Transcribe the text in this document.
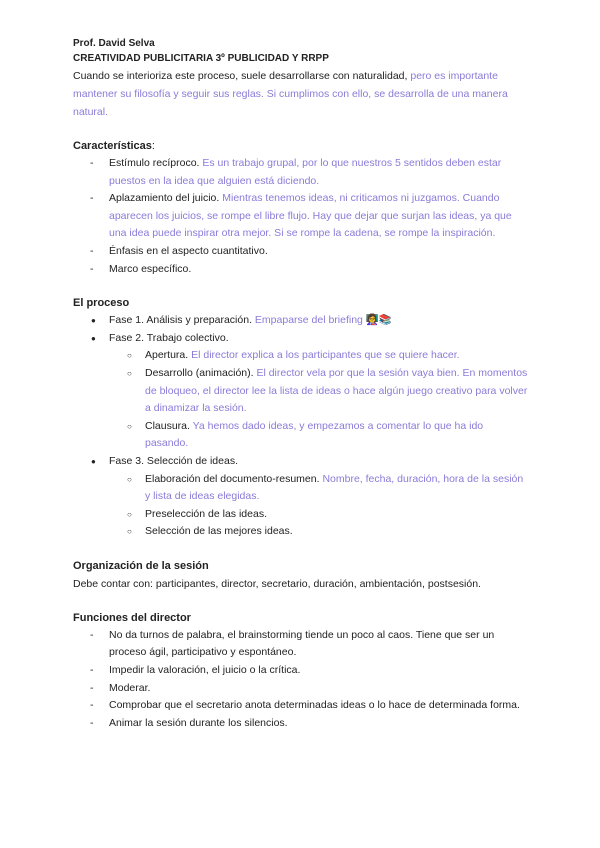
Prof. David Selva
CREATIVIDAD PUBLICITARIA 3º PUBLICIDAD Y RRPP

Cuando se interioriza este proceso, suele desarrollarse con naturalidad, pero es importante mantener su filosofía y seguir sus reglas. Si cumplimos con ello, se desarrolla de una manera natural.

Características:

- Estímulo recíproco. Es un trabajo grupal, por lo que nuestros 5 sentidos deben estar puestos en la idea que alguien está diciendo.
- Aplazamiento del juicio. Mientras tenemos ideas, ni criticamos ni juzgamos. Cuando aparecen los juicios, se rompe el libre flujo. Hay que dejar que surjan las ideas, ya que una idea puede inspirar otra mejor. Si se rompe la cadena, se rompe la inspiración.
- Énfasis en el aspecto cuantitativo.
- Marco específico.

El proceso

● Fase 1. Análisis y preparación. Empaparse del briefing 👩‍🏫📚
● Fase 2. Trabajo colectivo.
○ Apertura. El director explica a los participantes que se quiere hacer.
○ Desarrollo (animación). El director vela por que la sesión vaya bien. En momentos de bloqueo, el director lee la lista de ideas o hace algún juego creativo para volver a dinamizar la sesión.
○ Clausura. Ya hemos dado ideas, y empezamos a comentar lo que ha ido pasando.
● Fase 3. Selección de ideas.
○ Elaboración del documento-resumen. Nombre, fecha, duración, hora de la sesión y lista de ideas elegidas.
○ Preselección de las ideas.
○ Selección de las mejores ideas.

Organización de la sesión

Debe contar con: participantes, director, secretario, duración, ambientación, postsesión.

Funciones del director

- No da turnos de palabra, el brainstorming tiende un poco al caos. Tiene que ser un proceso ágil, participativo y espontáneo.
- Impedir la valoración, el juicio o la crítica.
- Moderar.
- Comprobar que el secretario anota determinadas ideas o lo hace de determinada forma.
- Animar la sesión durante los silencios.
